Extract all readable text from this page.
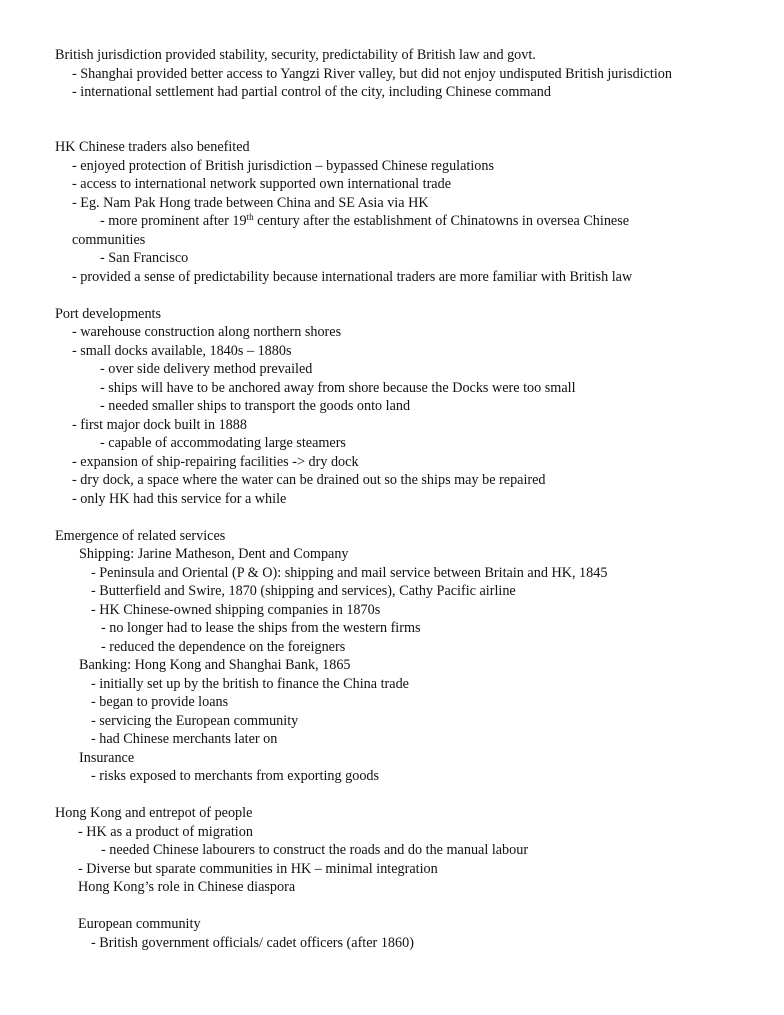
British jurisdiction provided stability, security, predictability of British law and govt.
- Shanghai provided better access to Yangzi River valley, but did not enjoy undisputed British jurisdiction
- international settlement had partial control of the city, including Chinese command
HK Chinese traders also benefited
- enjoyed protection of British jurisdiction – bypassed Chinese regulations
- access to international network supported own international trade
- Eg. Nam Pak Hong trade between China and SE Asia via HK
- more prominent after 19th century after the establishment of Chinatowns in oversea Chinese
communities
- San Francisco
- provided a sense of predictability because international traders are more familiar with British law
Port developments
- warehouse construction along northern shores
- small docks available, 1840s – 1880s
- over side delivery method prevailed
- ships will have to be anchored away from shore because the Docks were too small
- needed smaller ships to transport the goods onto land
- first major dock built in 1888
- capable of accommodating large steamers
- expansion of ship-repairing facilities -> dry dock
- dry dock, a space where the water can be drained out so the ships may be repaired
- only HK had this service for a while
Emergence of related services
Shipping: Jarine Matheson, Dent and Company
- Peninsula and Oriental (P & O): shipping and mail service between Britain and HK, 1845
- Butterfield and Swire, 1870 (shipping and services), Cathy Pacific airline
- HK Chinese-owned shipping companies in 1870s
- no longer had to lease the ships from the western firms
- reduced the dependence on the foreigners
Banking: Hong Kong and Shanghai Bank, 1865
- initially set up by the british to finance the China trade
- began to provide loans
- servicing the European community
- had Chinese merchants later on
Insurance
- risks exposed to merchants from exporting goods
Hong Kong and entrepot of people
- HK as a product of migration
- needed Chinese labourers to construct the roads and do the manual labour
- Diverse but sparate communities in HK – minimal integration
Hong Kong’s role in Chinese diaspora
European community
- British government officials/ cadet officers (after 1860)
